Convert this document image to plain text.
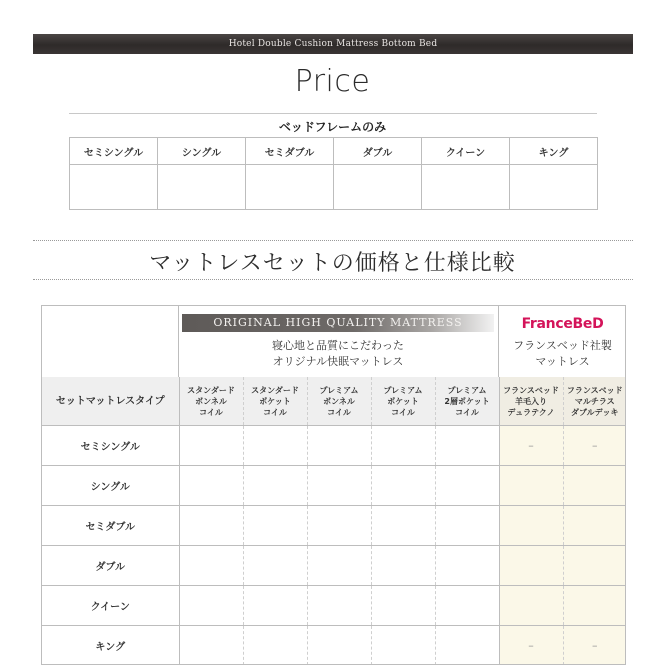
Hotel Double Cushion Mattress Bottom Bed
Price
ベッドフレームのみ
セミシングル	シングル	セミダブル	ダブル	クイーン	キング

マットレスセットの価格と仕様比較
ORIGINAL HIGH QUALITY MATTRESS
寝心地と品質にこだわった
オリジナル快眠マットレス
FranceBeD
フランスベッド社製
マットレス
セットマットレスタイプ	スタンダード
ボンネル
コイル	スタンダード
ポケット
コイル	プレミアム
ボンネル
コイル	プレミアム
ポケット
コイル	プレミアム
2層ポケット
コイル	フランスベッド
羊毛入り
デュラテクノ	フランスベッド
マルチラス
ダブルデッキ
セミシングル						–	–
シングル							
セミダブル							
ダブル							
クイーン							
キング						–	–
